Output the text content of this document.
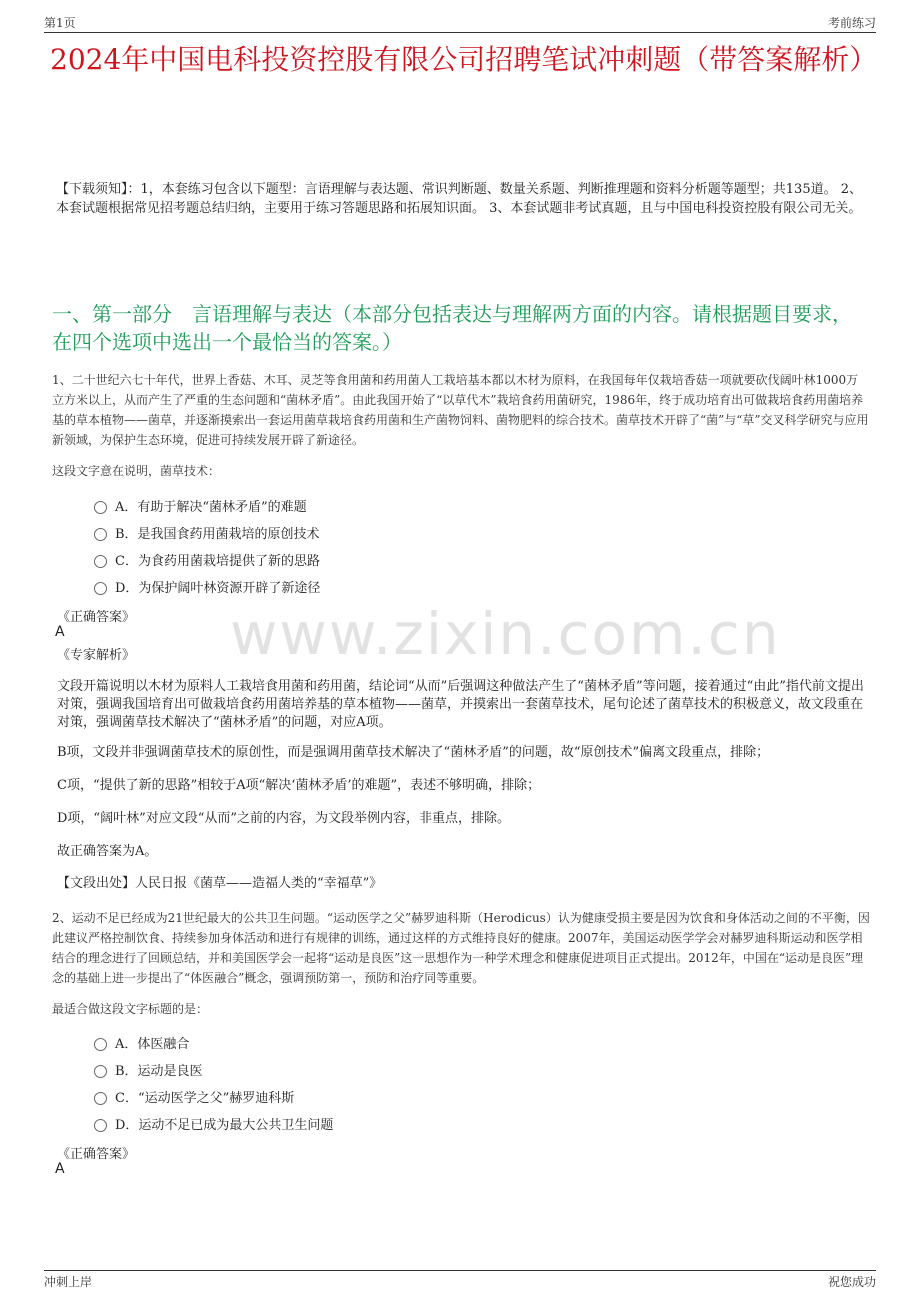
第1页	考前练习
2024年中国电科投资控股有限公司招聘笔试冲刺题（带答案解析）
【下载须知】：1，本套练习包含以下题型：言语理解与表达题、常识判断题、数量关系题、判断推理题和资料分析题等题型；共135道。 2、本套试题根据常见招考题总结归纳，主要用于练习答题思路和拓展知识面。 3、本套试题非考试真题，且与中国电科投资控股有限公司无关。
一、第一部分　言语理解与表达（本部分包括表达与理解两方面的内容。请根据题目要求，在四个选项中选出一个最恰当的答案。）
1、二十世纪六七十年代，世界上香菇、木耳、灵芝等食用菌和药用菌人工栽培基本都以木材为原料，在我国每年仅栽培香菇一项就要砍伐阔叶林1000万立方米以上，从而产生了严重的生态问题和“菌林矛盾”。由此我国开始了“以草代木”栽培食药用菌研究，1986年，终于成功培育出可做栽培食药用菌培养基的草本植物——菌草，并逐渐摸索出一套运用菌草栽培食药用菌和生产菌物饲料、菌物肥料的综合技术。菌草技术开辟了“菌”与“草”交叉科学研究与应用新领域，为保护生态环境，促进可持续发展开辟了新途径。
这段文字意在说明，菌草技术：
A．有助于解决“菌林矛盾”的难题
B．是我国食药用菌栽培的原创技术
C．为食药用菌栽培提供了新的思路
D．为保护阔叶林资源开辟了新途径
《正确答案》
A
《专家解析》 www.zixin.com.cn
文段开篇说明以木材为原料人工栽培食用菌和药用菌，结论词“从而”后强调这种做法产生了“菌林矛盾”等问题，接着通过“由此”指代前文提出对策，强调我国培育出可做栽培食药用菌培养基的草本植物——菌草，并摸索出一套菌草技术，尾句论述了菌草技术的积极意义，故文段重在对策，强调菌草技术解决了“菌林矛盾”的问题，对应A项。
B项，文段并非强调菌草技术的原创性，而是强调用菌草技术解决了“菌林矛盾”的问题，故“原创技术”偏离文段重点，排除；
C项，“提供了新的思路”相较于A项“解决‘菌林矛盾’的难题”，表述不够明确，排除；
D项，“阔叶林”对应文段“从而”之前的内容，为文段举例内容，非重点，排除。
故正确答案为A。
【文段出处】人民日报《菌草——造福人类的“幸福草”》
2、运动不足已经成为21世纪最大的公共卫生问题。“运动医学之父”赫罗迪科斯（Herodicus）认为健康受损主要是因为饮食和身体活动之间的不平衡，因此建议严格控制饮食、持续参加身体活动和进行有规律的训练，通过这样的方式维持良好的健康。2007年，美国运动医学学会对赫罗迪科斯运动和医学相结合的理念进行了回顾总结，并和美国医学会一起将“运动是良医”这一思想作为一种学术理念和健康促进项目正式提出。2012年，中国在“运动是良医”理念的基础上进一步提出了“体医融合”概念，强调预防第一，预防和治疗同等重要。
最适合做这段文字标题的是：
A．体医融合
B．运动是良医
C．“运动医学之父”赫罗迪科斯
D．运动不足已成为最大公共卫生问题
《正确答案》
A
冲刺上岸	祝您成功
